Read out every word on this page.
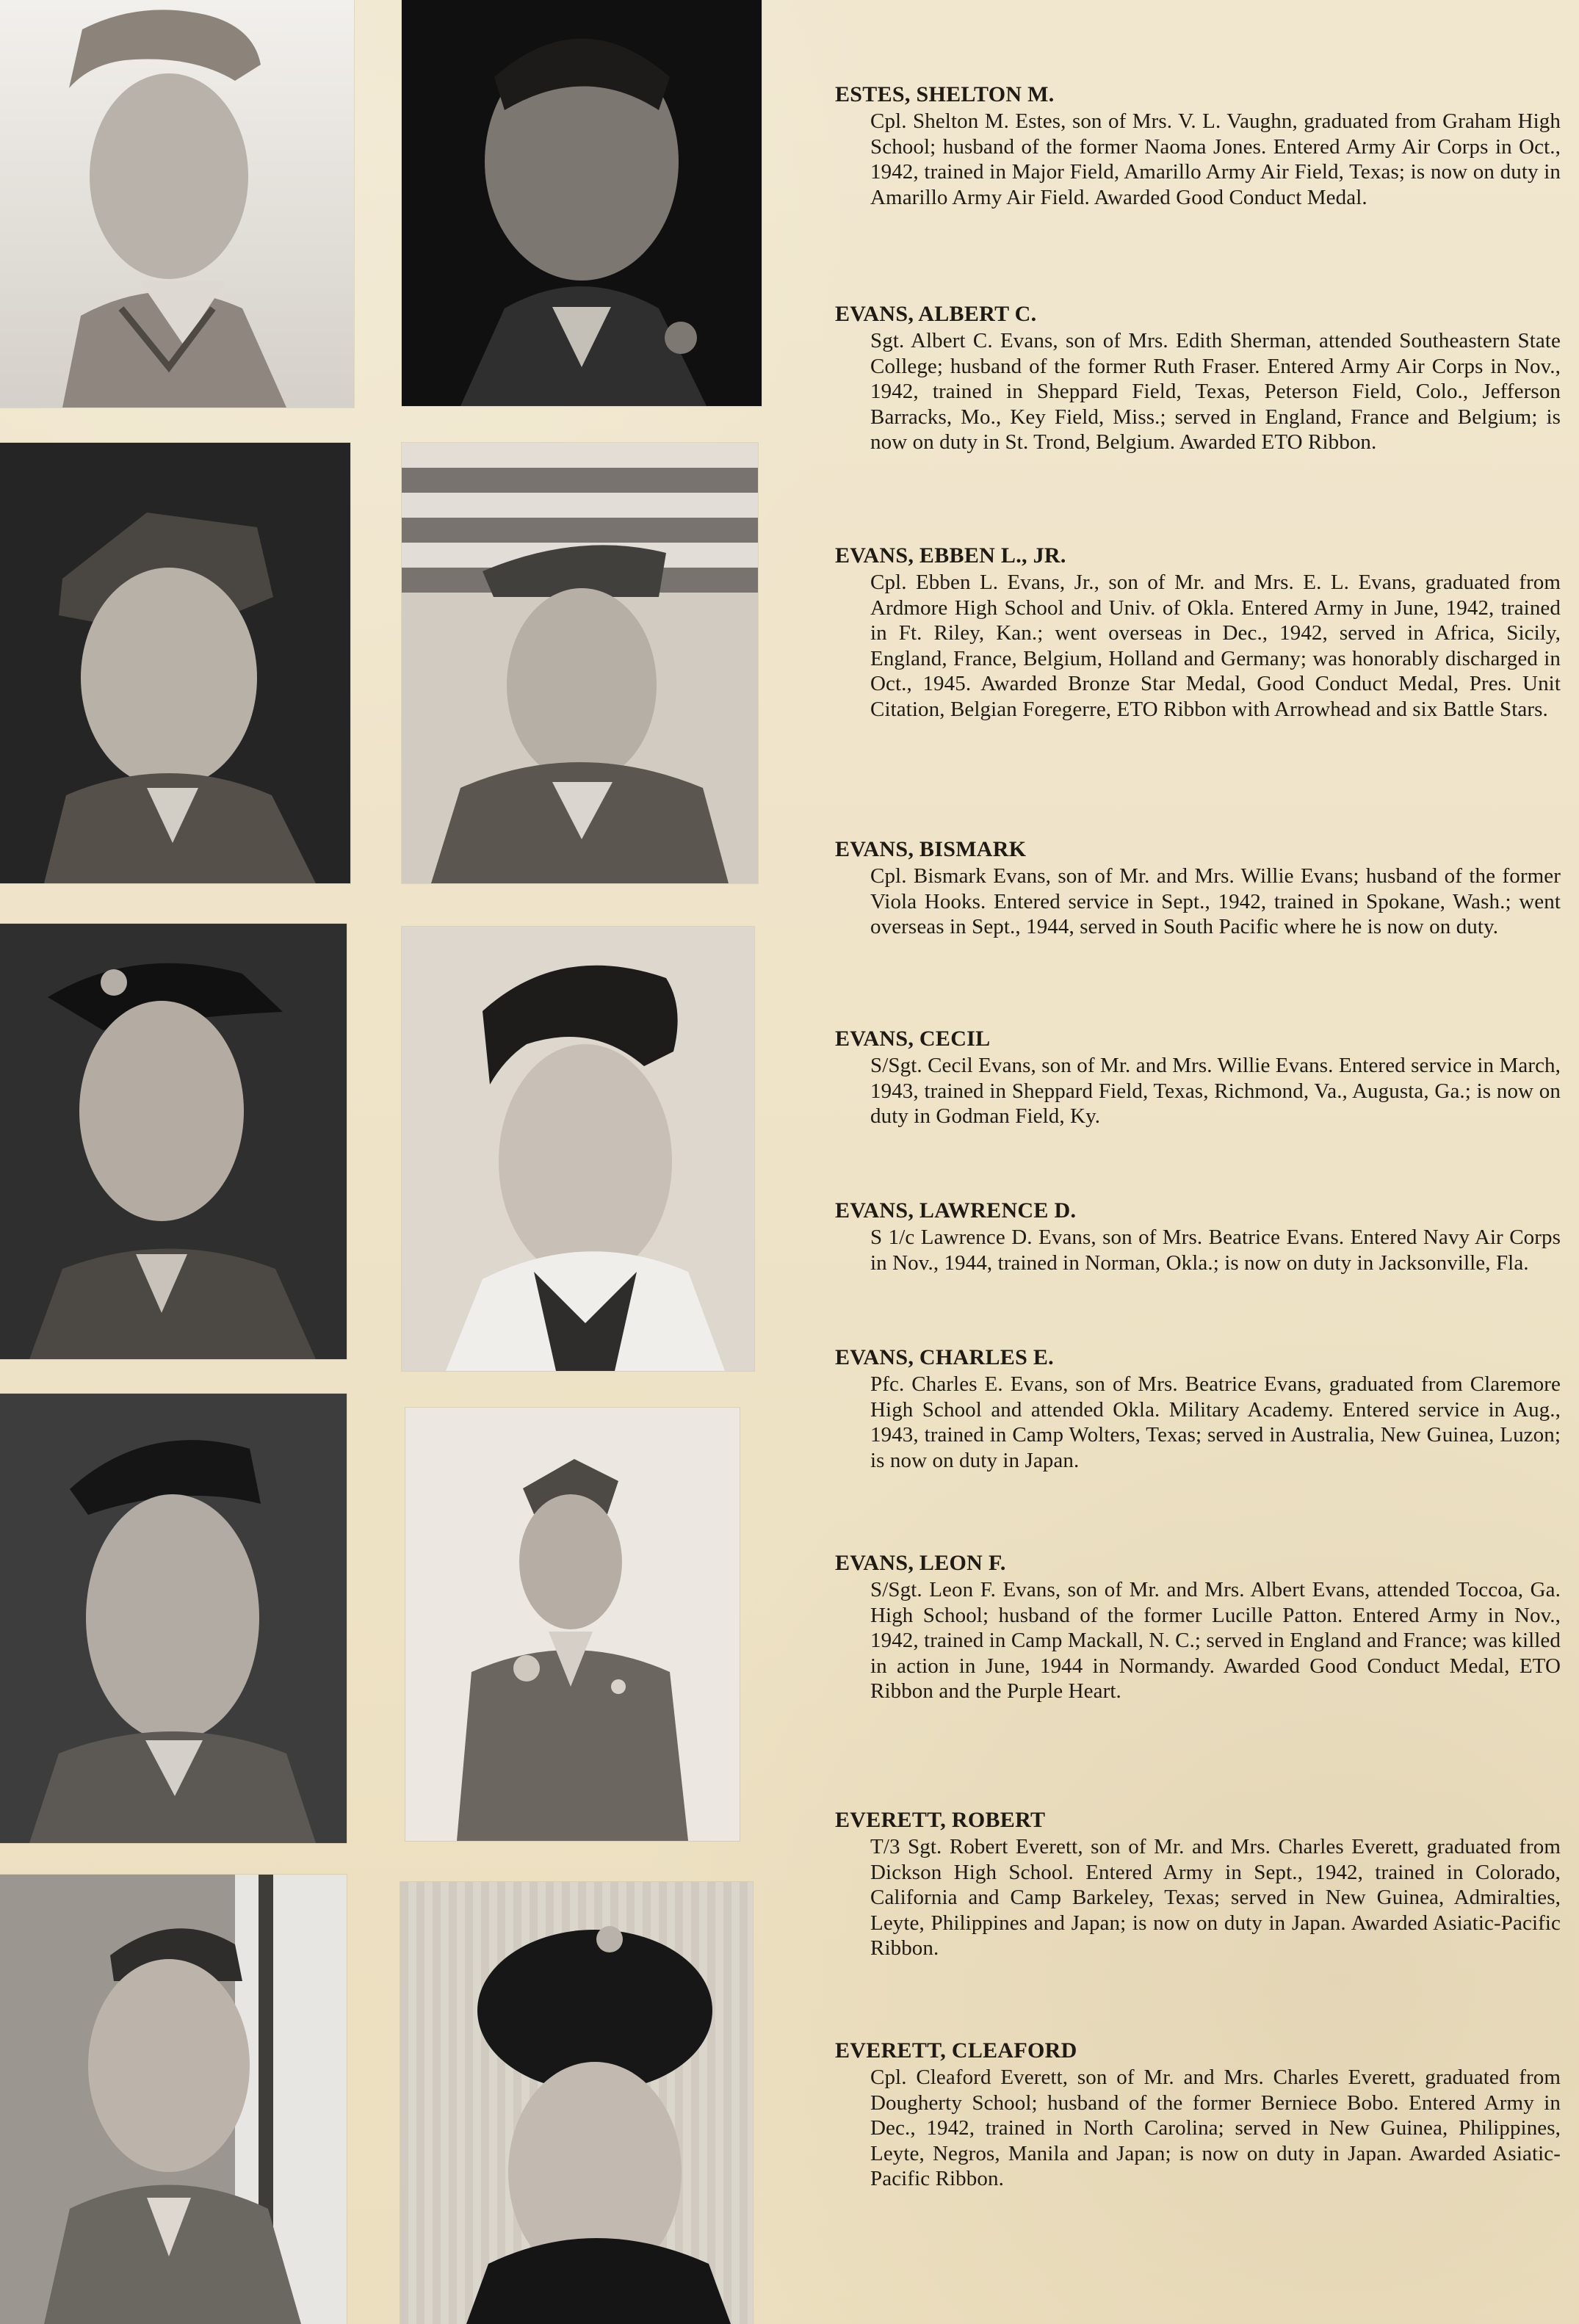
ESTES, SHELTON M.
Cpl. Shelton M. Estes, son of Mrs. V. L. Vaughn, graduated from Graham High School; husband of the former Naoma Jones. Entered Army Air Corps in Oct., 1942, trained in Major Field, Amarillo Army Air Field, Texas; is now on duty in Amarillo Army Air Field. Awarded Good Conduct Medal.
EVANS, ALBERT C.
Sgt. Albert C. Evans, son of Mrs. Edith Sherman, attended Southeastern State College; husband of the former Ruth Fraser. Entered Army Air Corps in Nov., 1942, trained in Sheppard Field, Texas, Peterson Field, Colo., Jefferson Barracks, Mo., Key Field, Miss.; served in England, France and Belgium; is now on duty in St. Trond, Belgium. Awarded ETO Ribbon.
EVANS, EBBEN L., JR.
Cpl. Ebben L. Evans, Jr., son of Mr. and Mrs. E. L. Evans, graduated from Ardmore High School and Univ. of Okla. Entered Army in June, 1942, trained in Ft. Riley, Kan.; went overseas in Dec., 1942, served in Africa, Sicily, England, France, Belgium, Holland and Germany; was honorably discharged in Oct., 1945. Awarded Bronze Star Medal, Good Conduct Medal, Pres. Unit Citation, Belgian Foregerre, ETO Ribbon with Arrowhead and six Battle Stars.
EVANS, BISMARK
Cpl. Bismark Evans, son of Mr. and Mrs. Willie Evans; husband of the former Viola Hooks. Entered service in Sept., 1942, trained in Spokane, Wash.; went overseas in Sept., 1944, served in South Pacific where he is now on duty.
EVANS, CECIL
S/Sgt. Cecil Evans, son of Mr. and Mrs. Willie Evans. Entered service in March, 1943, trained in Sheppard Field, Texas, Richmond, Va., Augusta, Ga.; is now on duty in Godman Field, Ky.
EVANS, LAWRENCE D.
S 1/c Lawrence D. Evans, son of Mrs. Beatrice Evans. Entered Navy Air Corps in Nov., 1944, trained in Norman, Okla.; is now on duty in Jacksonville, Fla.
EVANS, CHARLES E.
Pfc. Charles E. Evans, son of Mrs. Beatrice Evans, graduated from Claremore High School and attended Okla. Military Academy. Entered service in Aug., 1943, trained in Camp Wolters, Texas; served in Australia, New Guinea, Luzon; is now on duty in Japan.
EVANS, LEON F.
S/Sgt. Leon F. Evans, son of Mr. and Mrs. Albert Evans, attended Toccoa, Ga. High School; husband of the former Lucille Patton. Entered Army in Nov., 1942, trained in Camp Mackall, N. C.; served in England and France; was killed in action in June, 1944 in Normandy. Awarded Good Conduct Medal, ETO Ribbon and the Purple Heart.
EVERETT, ROBERT
T/3 Sgt. Robert Everett, son of Mr. and Mrs. Charles Everett, graduated from Dickson High School. Entered Army in Sept., 1942, trained in Colorado, California and Camp Barkeley, Texas; served in New Guinea, Admiralties, Leyte, Philippines and Japan; is now on duty in Japan. Awarded Asiatic-Pacific Ribbon.
EVERETT, CLEAFORD
Cpl. Cleaford Everett, son of Mr. and Mrs. Charles Everett, graduated from Dougherty School; husband of the former Berniece Bobo. Entered Army in Dec., 1942, trained in North Carolina; served in New Guinea, Philippines, Leyte, Negros, Manila and Japan; is now on duty in Japan. Awarded Asiatic-Pacific Ribbon.
